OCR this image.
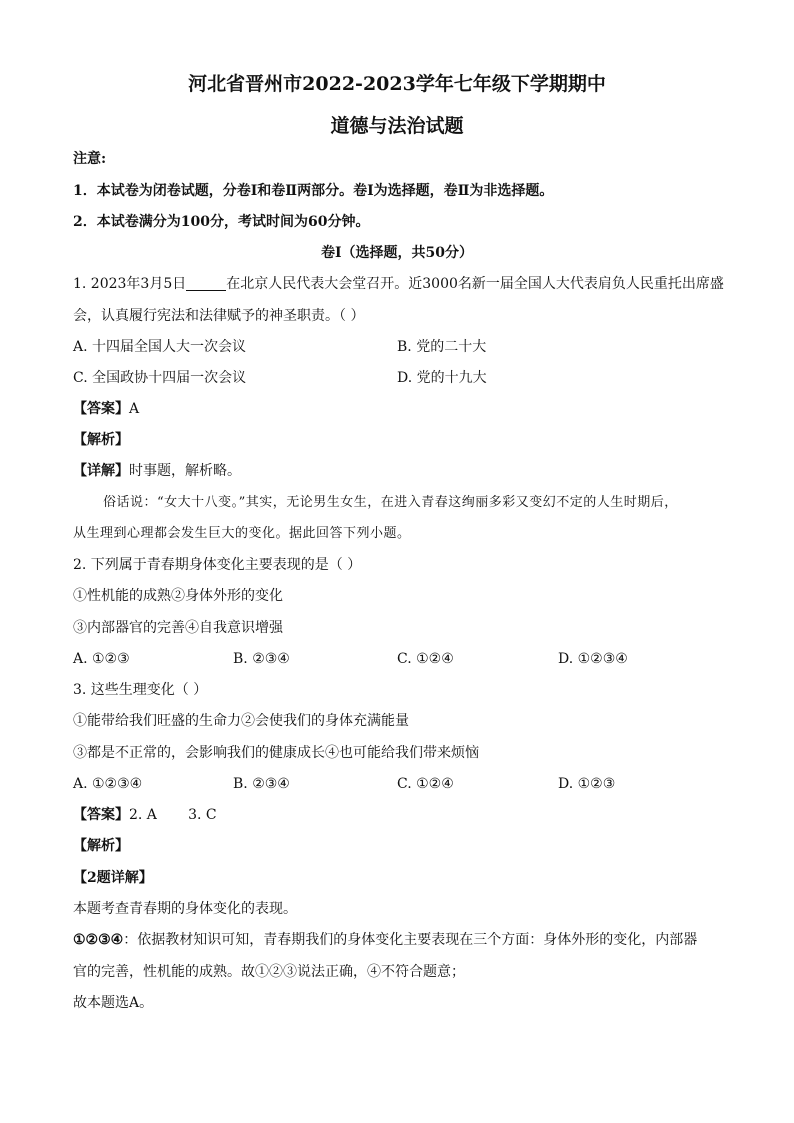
河北省晋州市2022-2023学年七年级下学期期中
道德与法治试题
注意:
1．本试卷为闭卷试题，分卷Ⅰ和卷Ⅱ两部分。卷Ⅰ为选择题，卷Ⅱ为非选择题。
2．本试卷满分为100分，考试时间为60分钟。
卷Ⅰ（选择题，共50分）
1. 2023年3月5日	在北京人民代表大会堂召开。近3000名新一届全国人大代表肩负人民重托出席盛
会，认真履行宪法和法律赋予的神圣职责。（ ）
A. 十四届全国人大一次会议	B. 党的二十大
C. 全国政协十四届一次会议	D. 党的十九大
【答案】A
【解析】
【详解】时事题，解析略。
俗话说：“女大十八变。”其实，无论男生女生，在进入青春这绚丽多彩又变幻不定的人生时期后，
从生理到心理都会发生巨大的变化。据此回答下列小题。
2. 下列属于青春期身体变化主要表现的是（ ）
①性机能的成熟②身体外形的变化
③内部器官的完善④自我意识增强
A. ①②③	B. ②③④	C. ①②④	D. ①②③④
3. 这些生理变化（ ）
①能带给我们旺盛的生命力②会使我们的身体充满能量
③都是不正常的，会影响我们的健康成长④也可能给我们带来烦恼
A. ①②③④	B. ②③④	C. ①②④	D. ①②③
【答案】2. A       3. C
【解析】
【2题详解】
本题考查青春期的身体变化的表现。
①②③④：依据教材知识可知，青春期我们的身体变化主要表现在三个方面：身体外形的变化，内部器
官的完善，性机能的成熟。故①②③说法正确，④不符合题意；
故本题选A。
